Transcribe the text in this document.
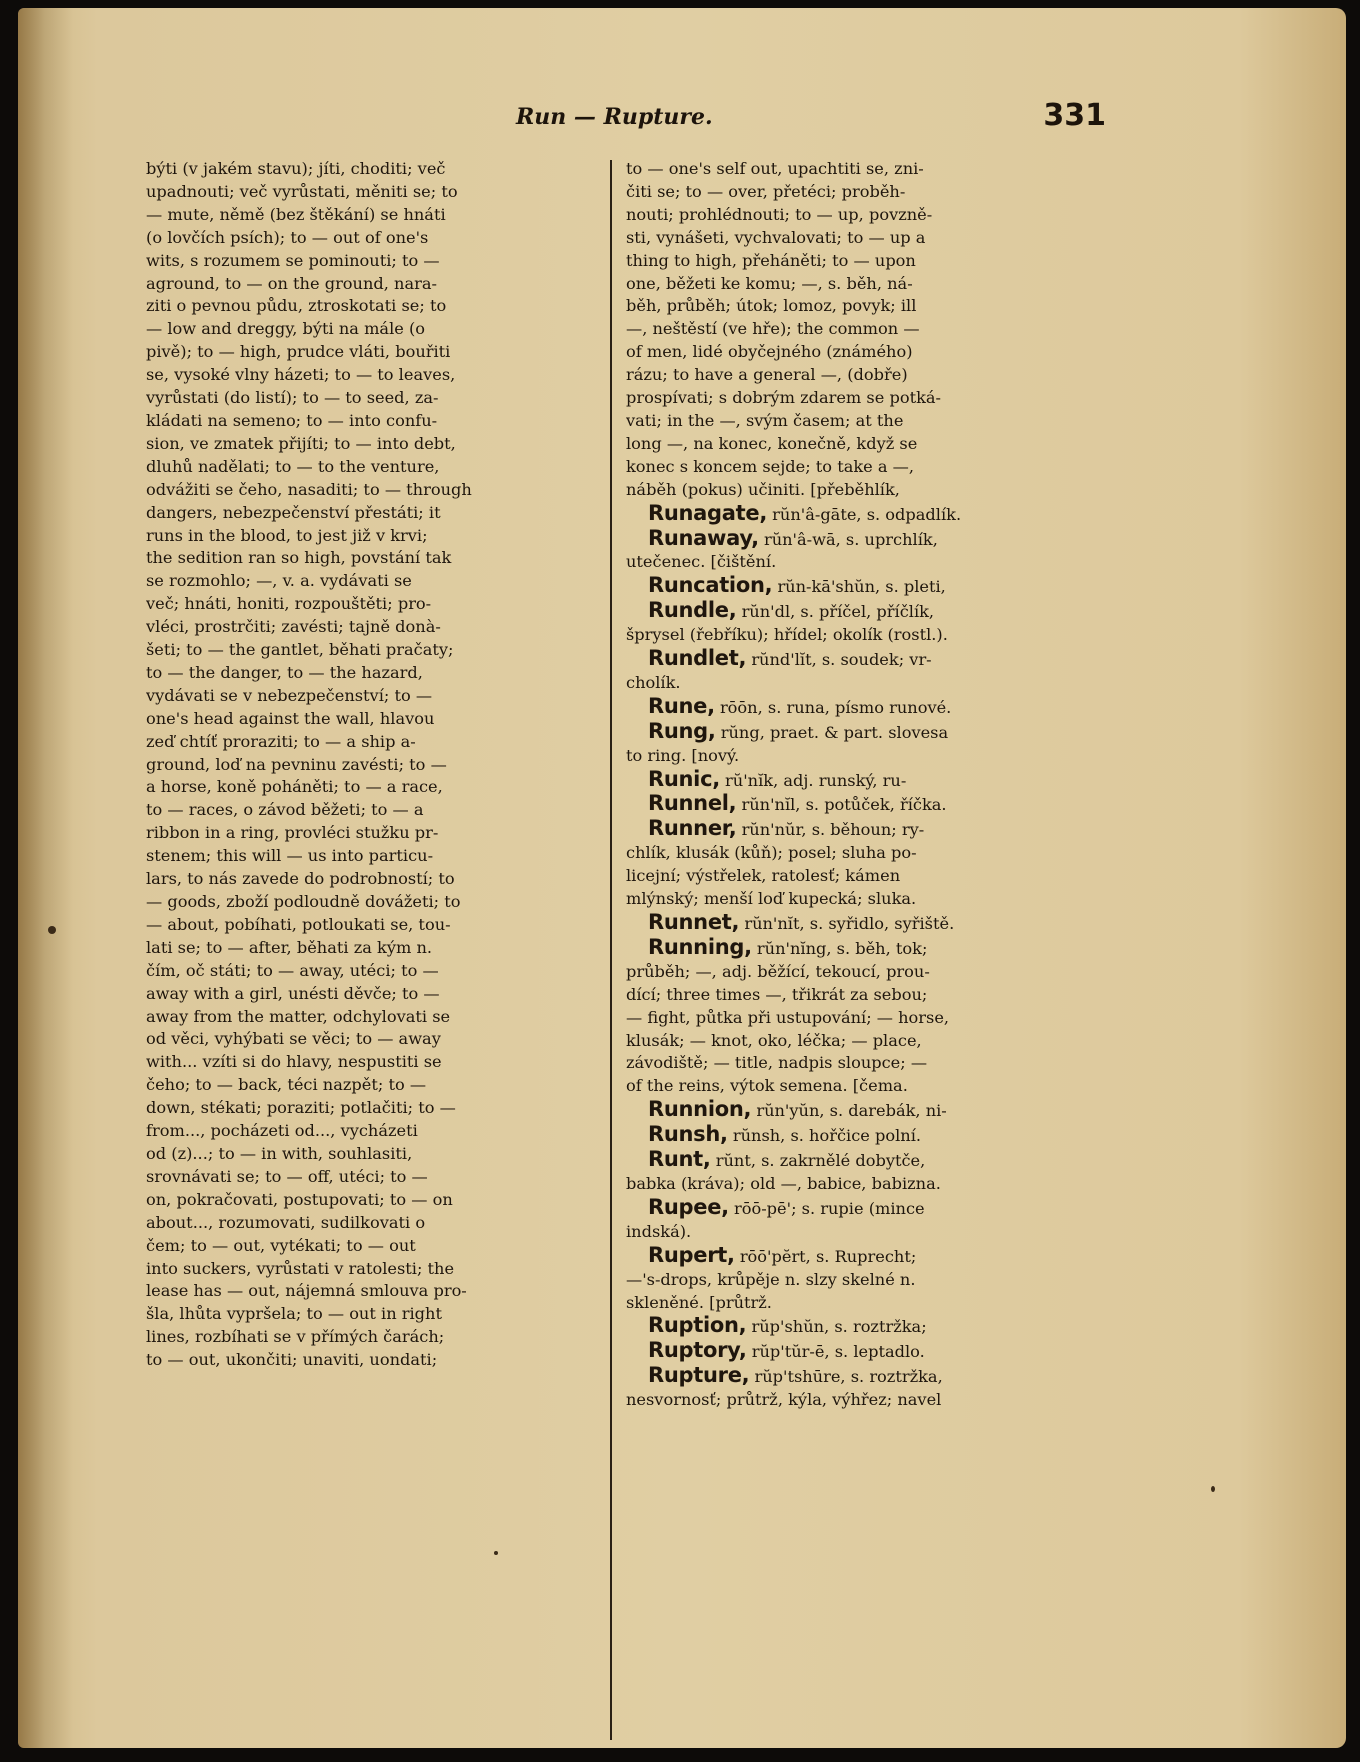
Run — Rupture.	331
býti (v jakém stavu); jíti, choditi; več
upadnouti; več vyrůstati, měniti se; to
— mute, němě (bez štěkání) se hnáti
(o lovčích psích); to — out of one's
wits, s rozumem se pominouti; to —
aground, to — on the ground, nara-
ziti o pevnou půdu, ztroskotati se; to
— low and dreggy, býti na mále (o
pivě); to — high, prudce vláti, bouřiti
se, vysoké vlny házeti; to — to leaves,
vyrůstati (do listí); to — to seed, za-
kládati na semeno; to — into confu-
sion, ve zmatek přijíti; to — into debt,
dluhů nadělati; to — to the venture,
odvážiti se čeho, nasaditi; to — through
dangers, nebezpečenství přestáti; it
runs in the blood, to jest již v krvi;
the sedition ran so high, povstání tak
se rozmohlo; —, v. a. vydávati se
več; hnáti, honiti, rozpouštěti; pro-
vléci, prostrčiti; zavésti; tajně donà-
šeti; to — the gantlet, běhati pračaty;
to — the danger, to — the hazard,
vydávati se v nebezpečenství; to —
one's head against the wall, hlavou
zeď chtíť proraziti; to — a ship a-
ground, loď na pevninu zavésti; to —
a horse, koně poháněti; to — a race,
to — races, o závod běžeti; to — a
ribbon in a ring, provléci stužku pr-
stenem; this will — us into particu-
lars, to nás zavede do podrobností; to
— goods, zboží podloudně dovážeti; to
— about, pobíhati, potloukati se, tou-
lati se; to — after, běhati za kým n.
čím, oč státi; to — away, utéci; to —
away with a girl, unésti děvče; to —
away from the matter, odchylovati se
od věci, vyhýbati se věci; to — away
with... vzíti si do hlavy, nespustiti se
čeho; to — back, téci nazpět; to —
down, stékati; poraziti; potlačiti; to —
from..., pocházeti od..., vycházeti
od (z)...; to — in with, souhlasiti,
srovnávati se; to — off, utéci; to —
on, pokračovati, postupovati; to — on
about..., rozumovati, sudilkovati o
čem; to — out, vytékati; to — out
into suckers, vyrůstati v ratolesti; the
lease has — out, nájemná smlouva pro-
šla, lhůta vypršela; to — out in right
lines, rozbíhati se v přímých čarách;
to — out, ukončiti; unaviti, uondati;
to — one's self out, upachtiti se, zni-
čiti se; to — over, přetéci; proběh-
nouti; prohlédnouti; to — up, povzně-
sti, vynášeti, vychvalovati; to — up a
thing to high, přeháněti; to — upon
one, běžeti ke komu; —, s. běh, ná-
běh, průběh; útok; lomoz, povyk; ill
—, neštěstí (ve hře); the common —
of men, lidé obyčejného (známého)
rázu; to have a general —, (dobře)
prospívati; s dobrým zdarem se potká-
vati; in the —, svým časem; at the
long —, na konec, konečně, když se
konec s koncem sejde; to take a —,
náběh (pokus) učiniti. [přeběhlík,
Runagate, rŭn'â-gāte, s. odpadlík.
Runaway, rŭn'â-wā, s. uprchlík,
utečenec. [čištění.
Runcation, rŭn-kā'shŭn, s. pleti,
Rundle, rŭn'dl, s. příčel, příčlík,
šprysel (řebříku); hřídel; okolík (rostl.).
Rundlet, rŭnd'lĭt, s. soudek; vr-
cholík.
Rune, rōōn, s. runa, písmo runové.
Rung, rŭng, praet. & part. slovesa
to ring. [nový.
Runic, rŭ'nĭk, adj. runský, ru-
Runnel, rŭn'nĭl, s. potůček, říčka.
Runner, rŭn'nŭr, s. běhoun; ry-
chlík, klusák (kůň); posel; sluha po-
licejní; výstřelek, ratolesť; kámen
mlýnský; menší loď kupecká; sluka.
Runnet, rŭn'nĭt, s. syřidlo, syřiště.
Running, rŭn'nĭng, s. běh, tok;
průběh; —, adj. běžící, tekoucí, prou-
dící; three times —, třikrát za sebou;
— fight, půtka při ustupování; — horse,
klusák; — knot, oko, léčka; — place,
závodiště; — title, nadpis sloupce; —
of the reins, výtok semena. [čema.
Runnion, rŭn'yŭn, s. darebák, ni-
Runsh, rŭnsh, s. hořčice polní.
Runt, rŭnt, s. zakrnělé dobytče,
babka (kráva); old —, babice, babizna.
Rupee, rōō-pē'; s. rupie (mince
indská).
Rupert, rōō'pĕrt, s. Ruprecht;
—'s-drops, krůpěje n. slzy skelné n.
skleněné. [průtrž.
Ruption, rŭp'shŭn, s. roztržka;
Ruptory, rŭp'tŭr-ē, s. leptadlo.
Rupture, rŭp'tshūre, s. roztržka,
nesvornosť; průtrž, kýla, výhřez; navel
